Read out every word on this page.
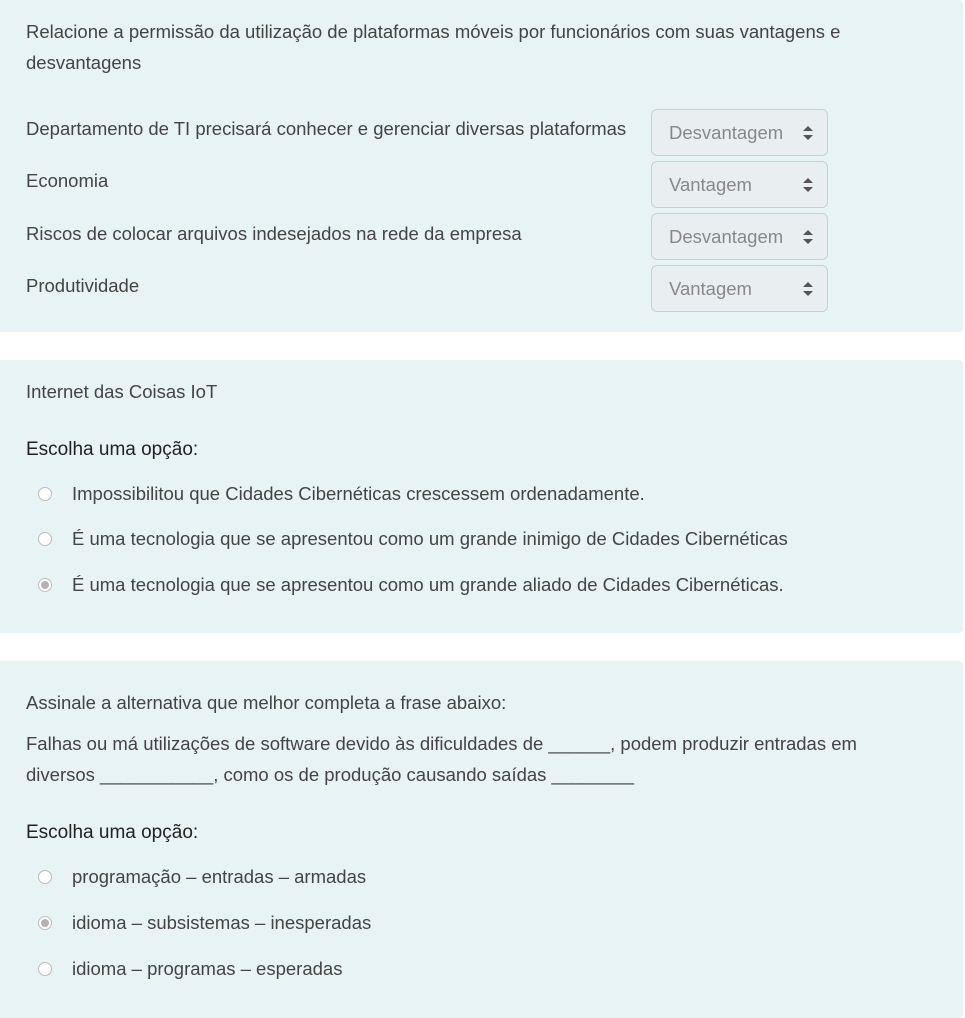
Relacione a permissão da utilização de plataformas móveis por funcionários com suas vantagens e desvantagens
Departamento de TI precisará conhecer e gerenciar diversas plataformas	Desvantagem
Economia	Vantagem
Riscos de colocar arquivos indesejados na rede da empresa	Desvantagem
Produtividade	Vantagem
Internet das Coisas IoT
Escolha uma opção:
Impossibilitou que Cidades Cibernéticas crescessem ordenadamente.
É uma tecnologia que se apresentou como um grande inimigo de Cidades Cibernéticas
É uma tecnologia que se apresentou como um grande aliado de Cidades Cibernéticas.
Assinale a alternativa que melhor completa a frase abaixo:
Falhas ou má utilizações de software devido às dificuldades de ______, podem produzir entradas em diversos ___________, como os de produção causando saídas ________
Escolha uma opção:
programação – entradas – armadas
idioma – subsistemas – inesperadas
idioma – programas – esperadas
